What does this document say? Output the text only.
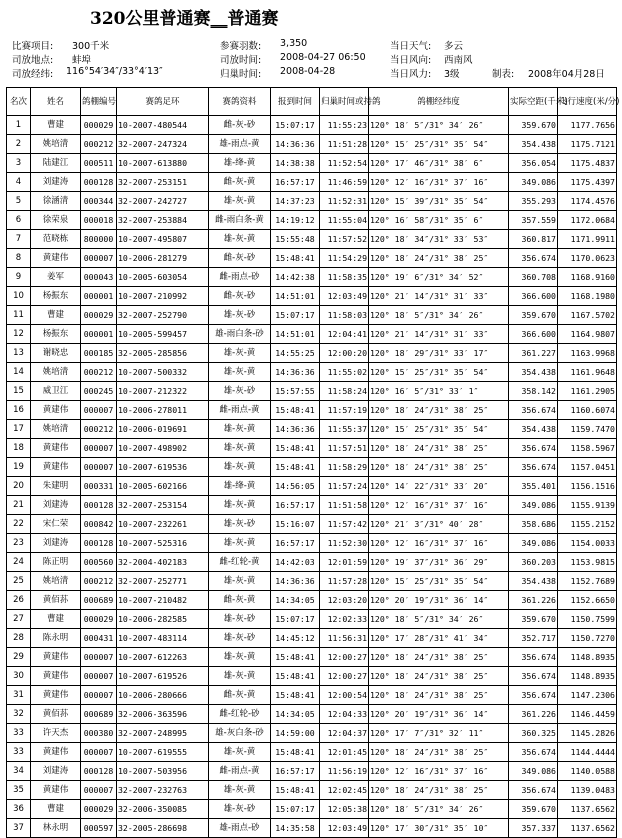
320公里普通赛__普通赛
比赛项目: 300千米	参赛羽数: 3,350	当日天气: 多云
司放地点: 蚌埠	司放时间: 2008-04-27 06:50	当日风向: 西南风
司放经纬: 116°54′34″/33°4′13″	归巢时间: 2008-04-28	当日风力: 3级	制表: 2008年04月28日
名次	姓名	鸽棚编号	赛鸽足环	赛鸽资料	报到时间	归巢时间或持鸽	鸽棚经纬度	实际空距(千米)	飞行速度(米/分)
1	曹建	000029	10-2007-480544	雌-灰-砂	15:07:17	11:55:23	120° 18′ 5″/31° 34′ 26″	359.670	1177.7656
2	姚培清	000212	32-2007-247324	雄-雨点-黄	14:36:36	11:51:28	120° 15′ 25″/31° 35′ 54″	354.438	1175.7121
3	陆建江	000511	10-2007-613880	雄-绛-黄	14:38:38	11:52:54	120° 17′ 46″/31° 38′ 6″	356.054	1175.4837
4	刘建涛	000128	32-2007-253151	雌-灰-黄	16:57:17	11:46:59	120° 12′ 16″/31° 37′ 16″	349.086	1175.4397
5	徐涵清	000344	32-2007-242727	雄-灰-黄	14:37:23	11:52:31	120° 15′ 39″/31° 35′ 54″	355.293	1174.4576
6	徐荣泉	000018	32-2007-253884	雌-雨白条-黄	14:19:12	11:55:04	120° 16′ 58″/31° 35′ 6″	357.559	1172.0684
7	范晓栋	800000	10-2007-495807	雄-灰-黄	15:55:48	11:57:52	120° 18′ 34″/31° 33′ 53″	360.817	1171.9911
8	黄建伟	000007	10-2006-281279	雌-灰-砂	15:48:41	11:54:29	120° 18′ 24″/31° 38′ 25″	356.674	1170.0623
9	姜军	000043	10-2005-603054	雌-雨点-砂	14:42:38	11:58:35	120° 19′ 6″/31° 34′ 52″	360.708	1168.9160
10	杨振东	000001	10-2007-210992	雌-灰-砂	14:51:01	12:03:49	120° 21′ 14″/31° 31′ 33″	366.600	1168.1980
11	曹建	000029	32-2007-252790	雄-灰-砂	15:07:17	11:58:03	120° 18′ 5″/31° 34′ 26″	359.670	1167.5702
12	杨振东	000001	10-2005-599457	雄-雨白条-砂	14:51:01	12:04:41	120° 21′ 14″/31° 31′ 33″	366.600	1164.9807
13	谢晓忠	000185	32-2005-285856	雄-灰-黄	14:55:25	12:00:20	120° 18′ 29″/31° 33′ 17″	361.227	1163.9968
14	姚培清	000212	10-2007-500332	雄-灰-黄	14:36:36	11:55:02	120° 15′ 25″/31° 35′ 54″	354.438	1161.9648
15	威卫江	000245	10-2007-212322	雄-灰-砂	15:57:55	11:58:24	120° 16′ 5″/31° 33′ 1″	358.142	1161.2905
16	黄建伟	000007	10-2006-278011	雌-雨点-黄	15:48:41	11:57:19	120° 18′ 24″/31° 38′ 25″	356.674	1160.6074
17	姚培清	000212	10-2006-019691	雄-灰-黄	14:36:36	11:55:37	120° 15′ 25″/31° 35′ 54″	354.438	1159.7470
18	黄建伟	000007	10-2007-498902	雄-灰-黄	15:48:41	11:57:51	120° 18′ 24″/31° 38′ 25″	356.674	1158.5967
19	黄建伟	000007	10-2007-619536	雄-灰-黄	15:48:41	11:58:29	120° 18′ 24″/31° 38′ 25″	356.674	1157.0451
20	朱建明	000331	10-2005-602166	雄-绛-黄	14:56:05	11:57:24	120° 14′ 22″/31° 33′ 20″	355.401	1156.1516
21	刘建涛	000128	32-2007-253154	雄-灰-黄	16:57:17	11:51:58	120° 12′ 16″/31° 37′ 16″	349.086	1155.9139
22	宋仁荣	000842	10-2007-232261	雄-灰-砂	15:16:07	11:57:42	120° 21′ 3″/31° 40′ 28″	358.686	1155.2152
23	刘建涛	000128	10-2007-525316	雄-灰-黄	16:57:17	11:52:30	120° 12′ 16″/31° 37′ 16″	349.086	1154.0033
24	陈正明	000560	32-2004-402183	雌-红轮-黄	14:42:03	12:01:59	120° 19′ 37″/31° 36′ 29″	360.203	1153.9815
25	姚培清	000212	32-2007-252771	雄-灰-黄	14:36:36	11:57:28	120° 15′ 25″/31° 35′ 54″	354.438	1152.7689
26	黄佰荪	000689	10-2007-210482	雌-灰-黄	14:34:05	12:03:20	120° 20′ 19″/31° 36′ 14″	361.226	1152.6650
27	曹建	000029	10-2006-282585	雄-灰-砂	15:07:17	12:02:33	120° 18′ 5″/31° 34′ 26″	359.670	1150.7599
28	陈永明	000431	10-2007-483114	雄-灰-砂	14:45:12	11:56:31	120° 17′ 28″/31° 41′ 34″	352.717	1150.7270
29	黄建伟	000007	10-2007-612263	雄-灰-黄	15:48:41	12:00:27	120° 18′ 24″/31° 38′ 25″	356.674	1148.8935
30	黄建伟	000007	10-2007-619526	雄-灰-黄	15:48:41	12:00:27	120° 18′ 24″/31° 38′ 25″	356.674	1148.8935
31	黄建伟	000007	10-2006-280666	雌-灰-黄	15:48:41	12:00:54	120° 18′ 24″/31° 38′ 25″	356.674	1147.2306
32	黄佰荪	000689	32-2006-363596	雌-红轮-砂	14:34:05	12:04:33	120° 20′ 19″/31° 36′ 14″	361.226	1146.4459
33	许天杰	000380	32-2007-248995	雄-灰白条-砂	14:59:00	12:04:37	120° 17′ 7″/31° 32′ 11″	360.325	1145.2826
33	黄建伟	000007	10-2007-619555	雄-灰-黄	15:48:41	12:01:45	120° 18′ 24″/31° 38′ 25″	356.674	1144.4444
34	刘建涛	000128	10-2007-503956	雌-雨点-黄	16:57:17	11:56:19	120° 12′ 16″/31° 37′ 16″	349.086	1140.0588
35	黄建伟	000007	32-2007-232763	雄-灰-黄	15:48:41	12:02:45	120° 18′ 24″/31° 38′ 25″	356.674	1139.0483
36	曹建	000029	32-2006-350085	雄-灰-砂	15:07:17	12:05:38	120° 18′ 5″/31° 34′ 26″	359.670	1137.6562
37	林永明	000597	32-2005-286698	雄-雨点-砂	14:35:58	12:03:49	120° 17′ 30″/31° 35′ 10″	357.337	1137.6562
